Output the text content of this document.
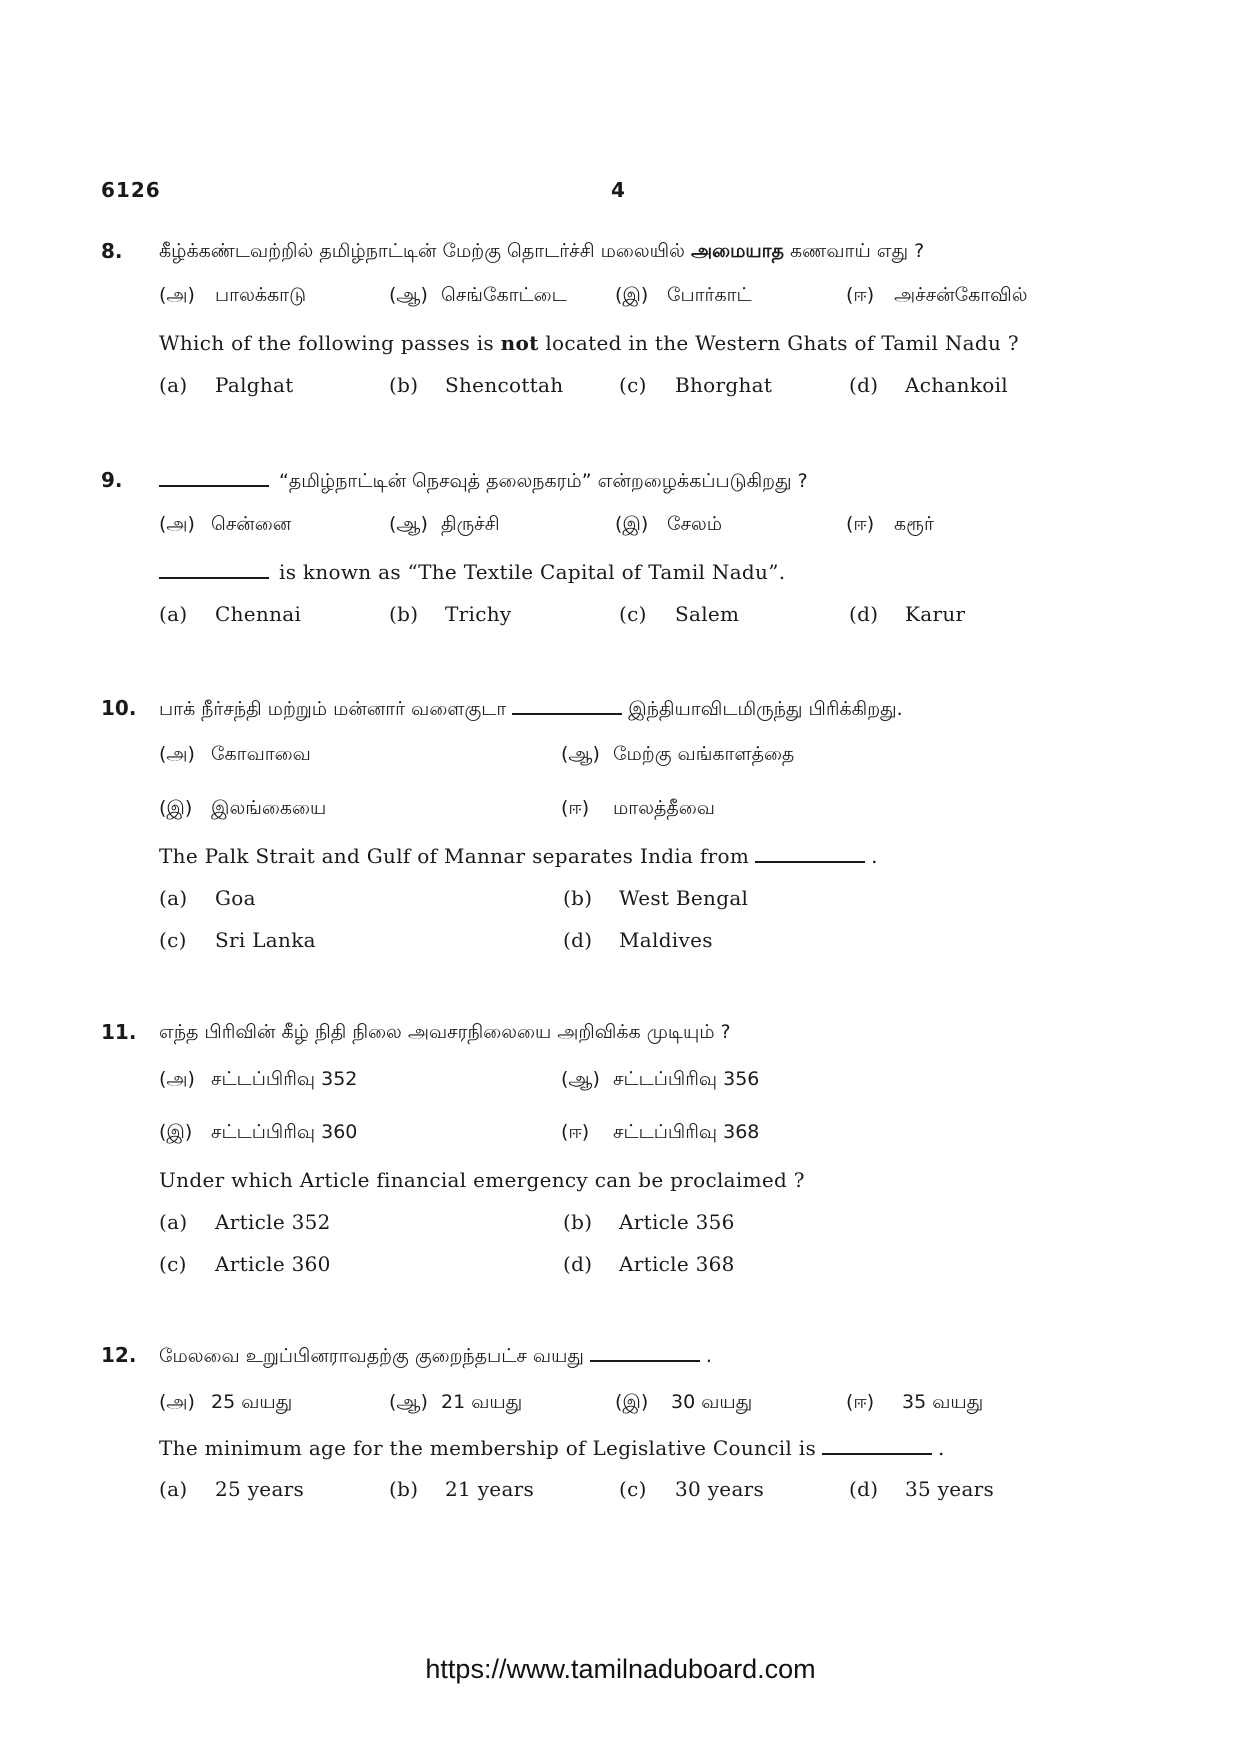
6126	4
8. கீழ்க்கண்டவற்றில் தமிழ்நாட்டின் மேற்கு தொடர்ச்சி மலையில் அமையாத கணவாய் எது ?
(அ) பாலக்காடு	(ஆ) செங்கோட்டை	(இ) போர்காட்	(ஈ) அச்சன்கோவில்
Which of the following passes is not located in the Western Ghats of Tamil Nadu ?
(a) Palghat	(b) Shencottah	(c) Bhorghat	(d) Achankoil
9.	“தமிழ்நாட்டின் நெசவுத் தலைநகரம்” என்றழைக்கப்படுகிறது ?
(அ) சென்னை	(ஆ) திருச்சி	(இ) சேலம்	(ஈ) கரூர்
is known as “The Textile Capital of Tamil Nadu”.
(a) Chennai	(b) Trichy	(c) Salem	(d) Karur
10. பாக் நீர்சந்தி மற்றும் மன்னார் வளைகுடா	இந்தியாவிடமிருந்து பிரிக்கிறது.
(அ) கோவாவை	(ஆ) மேற்கு வங்காளத்தை
(இ) இலங்கையை	(ஈ) மாலத்தீவை
The Palk Strait and Gulf of Mannar separates India from	.
(a) Goa	(b) West Bengal
(c) Sri Lanka	(d) Maldives
11. எந்த பிரிவின் கீழ் நிதி நிலை அவசரநிலையை அறிவிக்க முடியும் ?
(அ) சட்டப்பிரிவு 352	(ஆ) சட்டப்பிரிவு 356
(இ) சட்டப்பிரிவு 360	(ஈ) சட்டப்பிரிவு 368
Under which Article financial emergency can be proclaimed ?
(a) Article 352	(b) Article 356
(c) Article 360	(d) Article 368
12. மேலவை உறுப்பினராவதற்கு குறைந்தபட்ச வயது	.
(அ) 25 வயது	(ஆ) 21 வயது	(இ) 30 வயது	(ஈ) 35 வயது
The minimum age for the membership of Legislative Council is	.
(a) 25 years	(b) 21 years	(c) 30 years	(d) 35 years
https://www.tamilnaduboard.com
